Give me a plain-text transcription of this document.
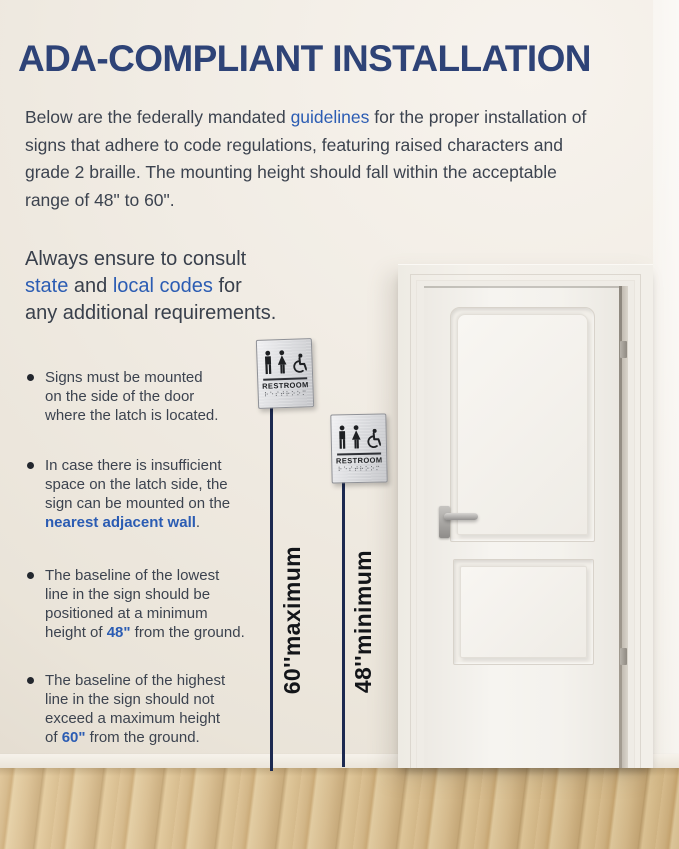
ADA-COMPLIANT INSTALLATION
Below are the federally mandated guidelines for the proper installation of
signs that adhere to code regulations, featuring raised characters and
grade 2 braille. The mounting height should fall within the acceptable
range of 48" to 60".
Always ensure to consult
state and local codes for
any additional requirements.
Signs must be mounted
on the side of the door
where the latch is located.
In case there is insufficient
space on the latch side, the
sign can be mounted on the
nearest adjacent wall.
The baseline of the lowest
line in the sign should be
positioned at a minimum
height of 48" from the ground.
The baseline of the highest
line in the sign should not
exceed a maximum height
of 60" from the ground.
60''maximum 48''minimum
RESTROOM
⠗⠑⠎⠞⠗⠕⠕⠍
RESTROOM
⠗⠑⠎⠞⠗⠕⠕⠍
